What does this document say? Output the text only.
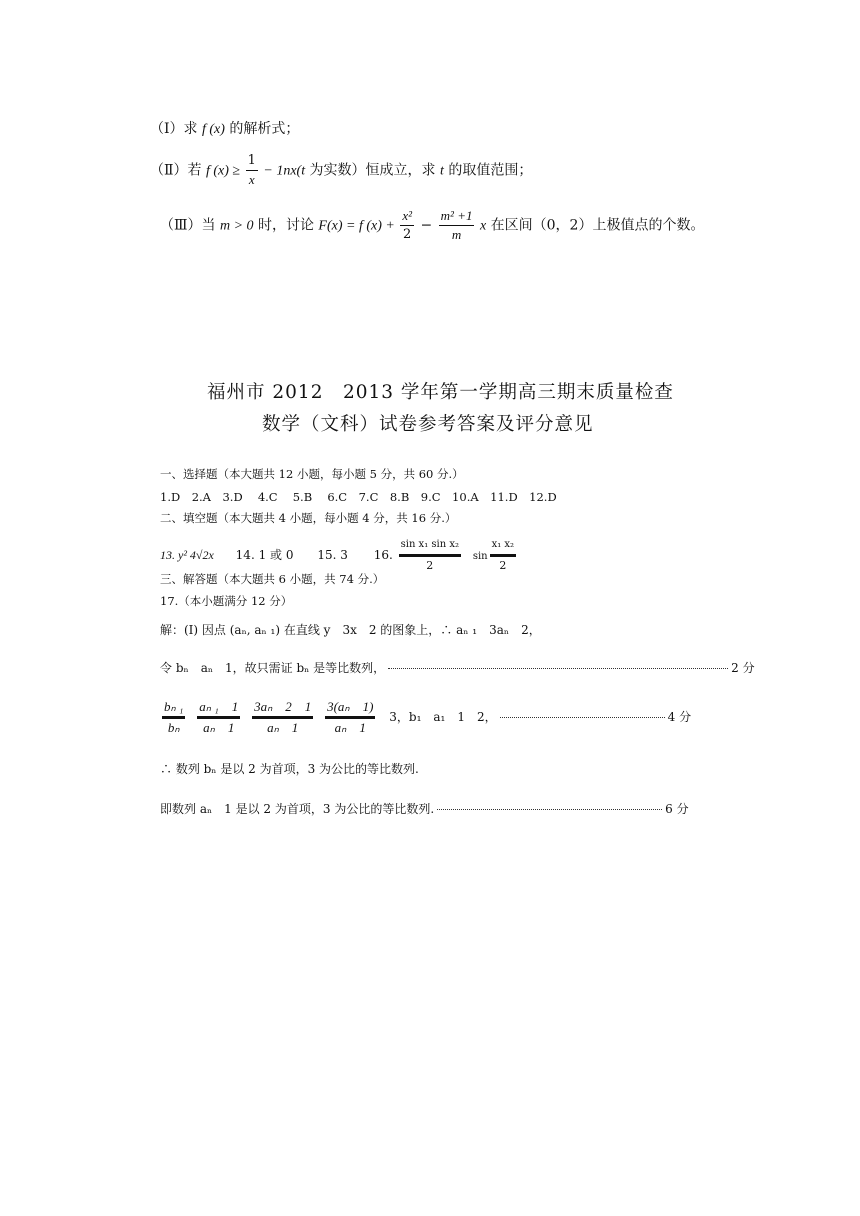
（Ⅰ）求 f (x) 的解析式；
（Ⅱ）若 f $(x) \ge \frac{1}{x} - 1nx(t$ 为实数）恒成立，求 t 的取值范围；
（Ⅲ）当 m > 0 时，讨论 F(x) = f $(x) + \frac{\text{x²}}{2} - \frac{\text{m² +1}}{m}$ x 在区间（0，2）上极值点的个数。
福州市 2012　2013 学年第一学期高三期末质量检查
数学（文科）试卷参考答案及评分意见
一、选择题（本大题共 12 小题，每小题 5 分，共 60 分.）
1.D　2.A　3.D　 4.C　 5.B　 6.C　7.C　8.B　9.C　10.A　11.D　12.D
二、填空题（本大题共 4 小题，每小题 4 分，共 16 分.）
13. y² 4√2x 14. 1 或 0 15. 3 16. $\frac{\text{sin x₁ sin x₂}}{2}$ $\sin \frac{\text{x₁ x₂}}{2}$
三、解答题（本大题共 6 小题，共 74 分.）
17.（本小题满分 12 分）
解：(Ⅰ) 因点 (aₙ, aₙ ₁) 在直线 y　3x　2 的图象上，∴ aₙ ₁　3aₙ　2，
令 bₙ　aₙ　1，故只需证 bₙ 是等比数列，	2 分
$\frac{\text{bₙ ₁}}{\text{bₙ}}$
$\frac{\text{aₙ ₁　1}}{\text{aₙ　1}}$
$\frac{\text{3aₙ　2　1}}{\text{aₙ　1}}$
$\frac{\text{3(aₙ　1)}}{\text{aₙ　1}} 3$，b₁　a₁　1　2，	4 分
∴ 数列 bₙ 是以 2 为首项，3 为公比的等比数列.
即数列 aₙ　1 是以 2 为首项，3 为公比的等比数列.	6 分
